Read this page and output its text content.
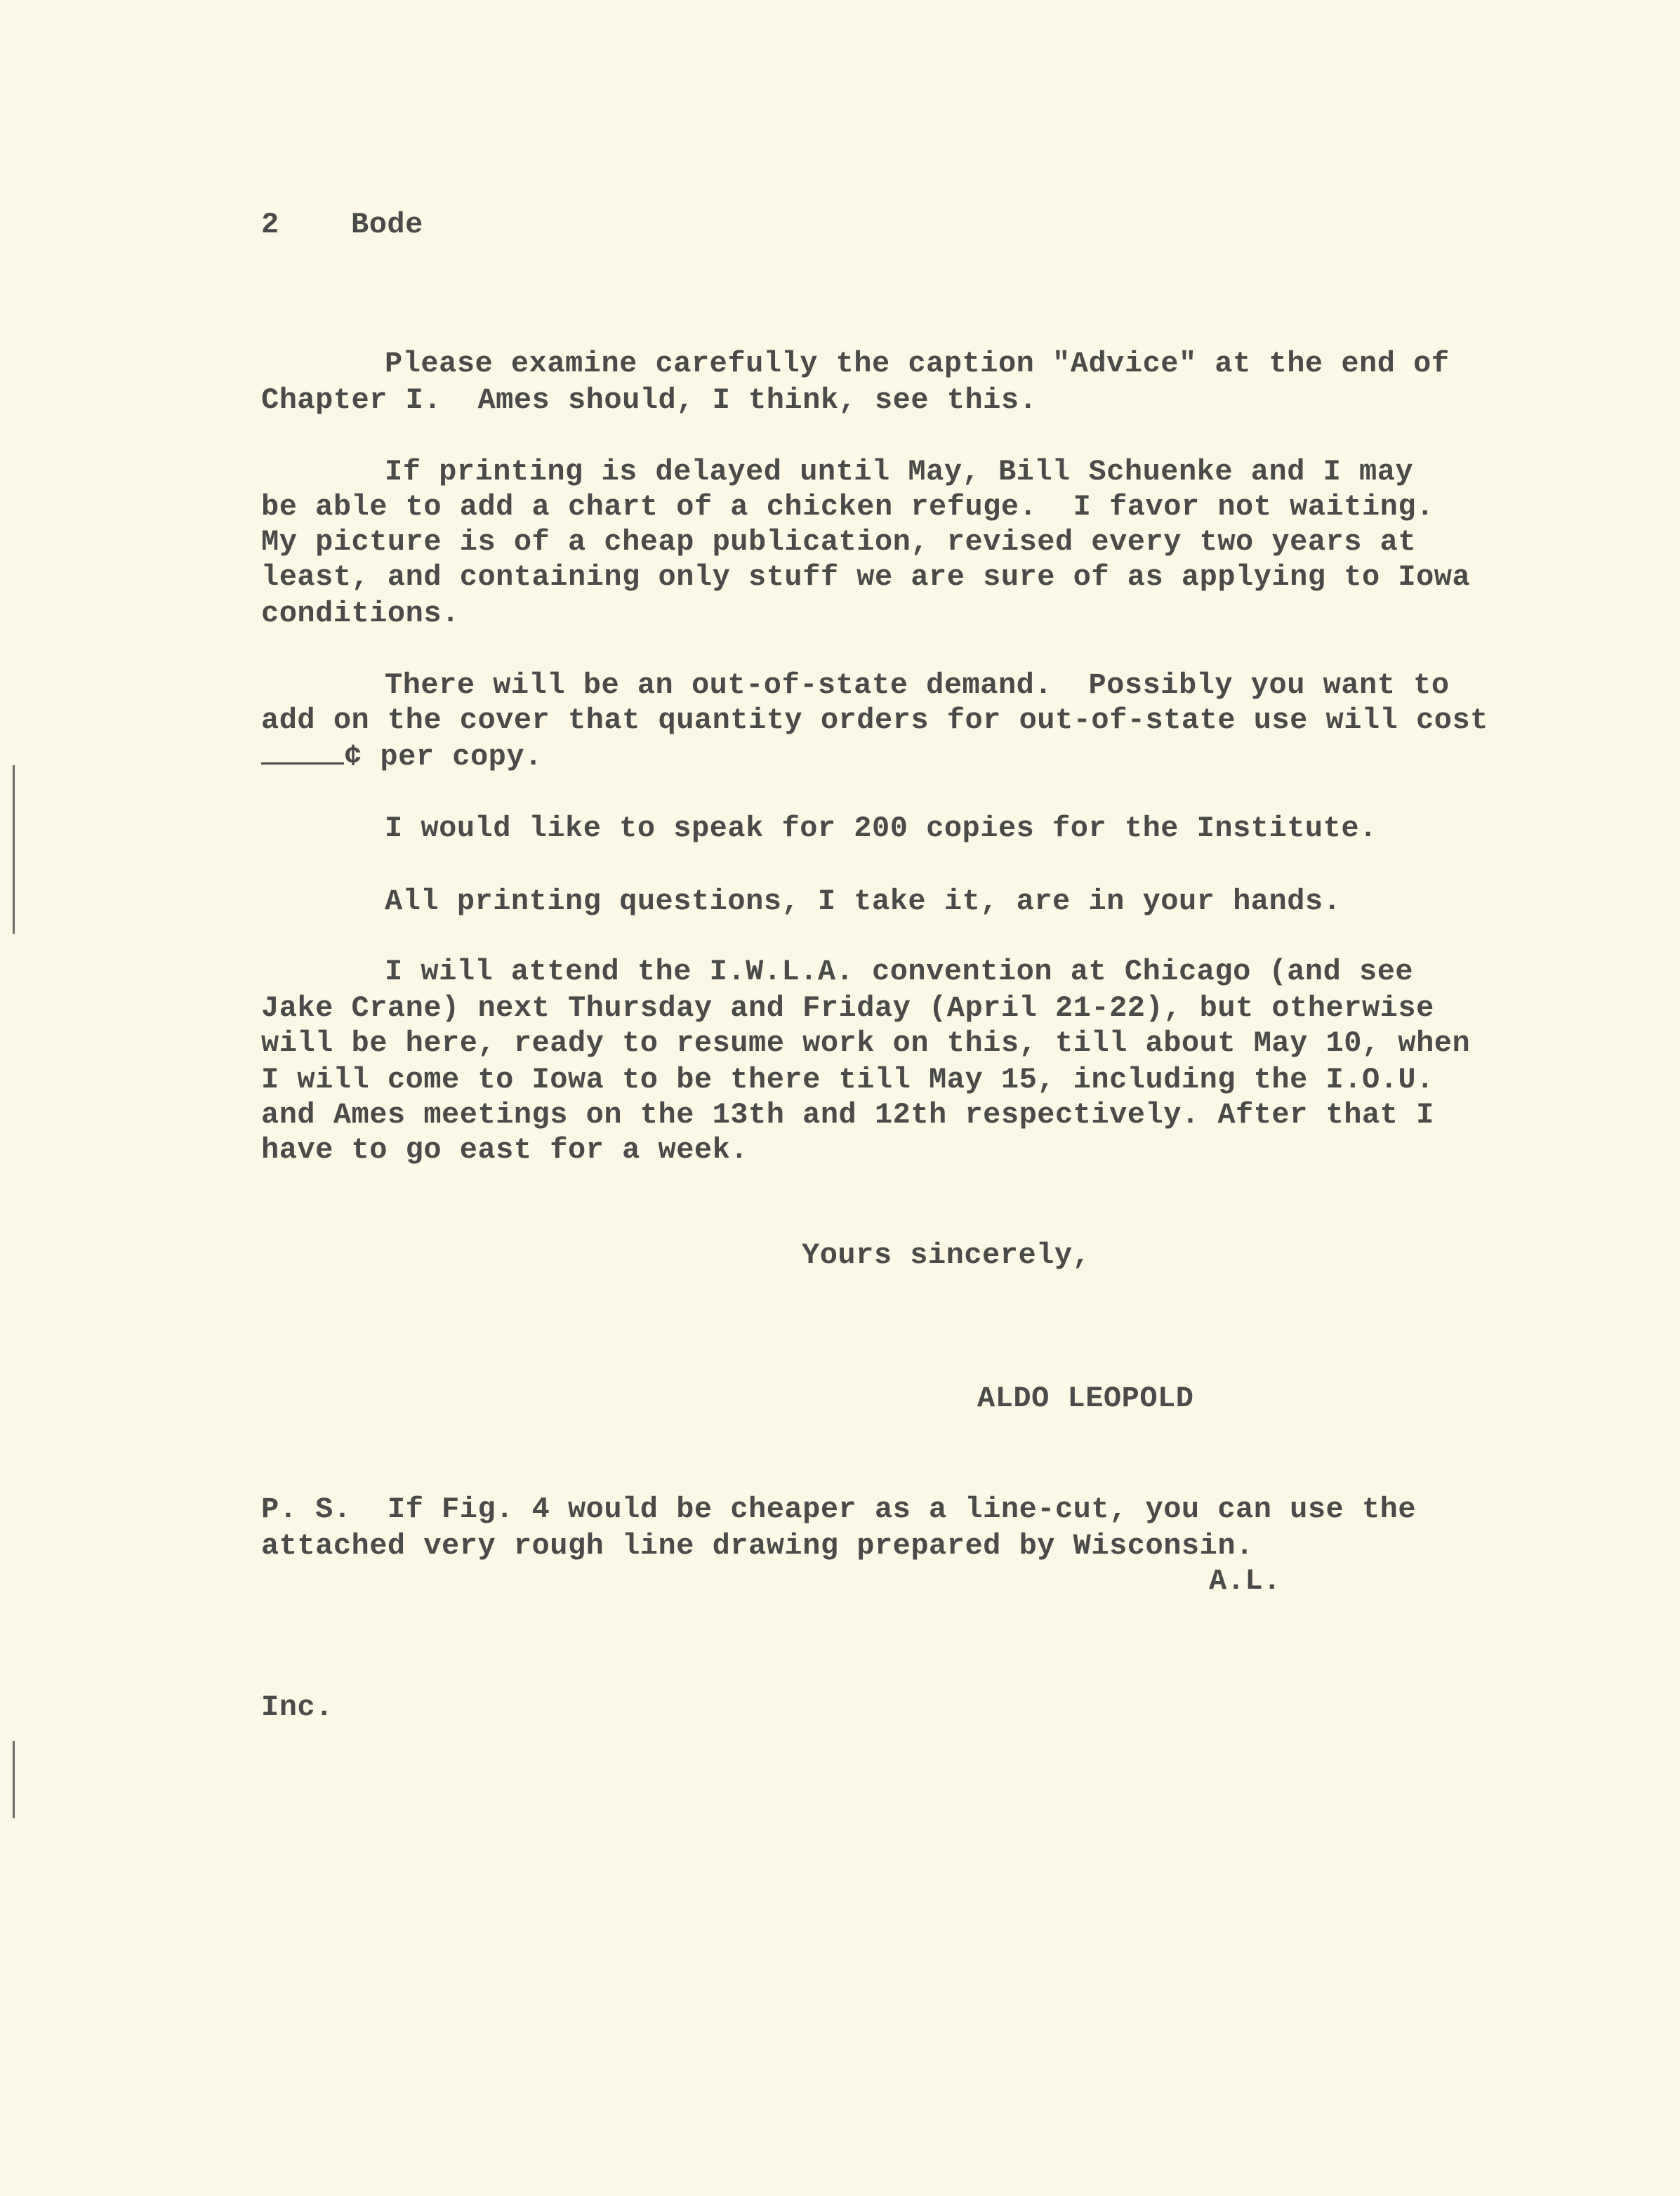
2 Bode
Please examine carefully the caption "Advice" at the end of
Chapter I.  Ames should, I think, see this.
If printing is delayed until May, Bill Schuenke and I may
be able to add a chart of a chicken refuge.  I favor not waiting.
My picture is of a cheap publication, revised every two years at
least, and containing only stuff we are sure of as applying to Iowa
conditions.
There will be an out-of-state demand.  Possibly you want to
add on the cover that quantity orders for out-of-state use will cost
¢ per copy.
I would like to speak for 200 copies for the Institute.
All printing questions, I take it, are in your hands.
I will attend the I.W.L.A. convention at Chicago (and see
Jake Crane) next Thursday and Friday (April 21-22), but otherwise
will be here, ready to resume work on this, till about May 10, when
I will come to Iowa to be there till May 15, including the I.O.U.
and Ames meetings on the 13th and 12th respectively. After that I
have to go east for a week.
Yours sincerely,
ALDO LEOPOLD
P. S.  If Fig. 4 would be cheaper as a line-cut, you can use the
attached very rough line drawing prepared by Wisconsin.
A.L.
Inc.
